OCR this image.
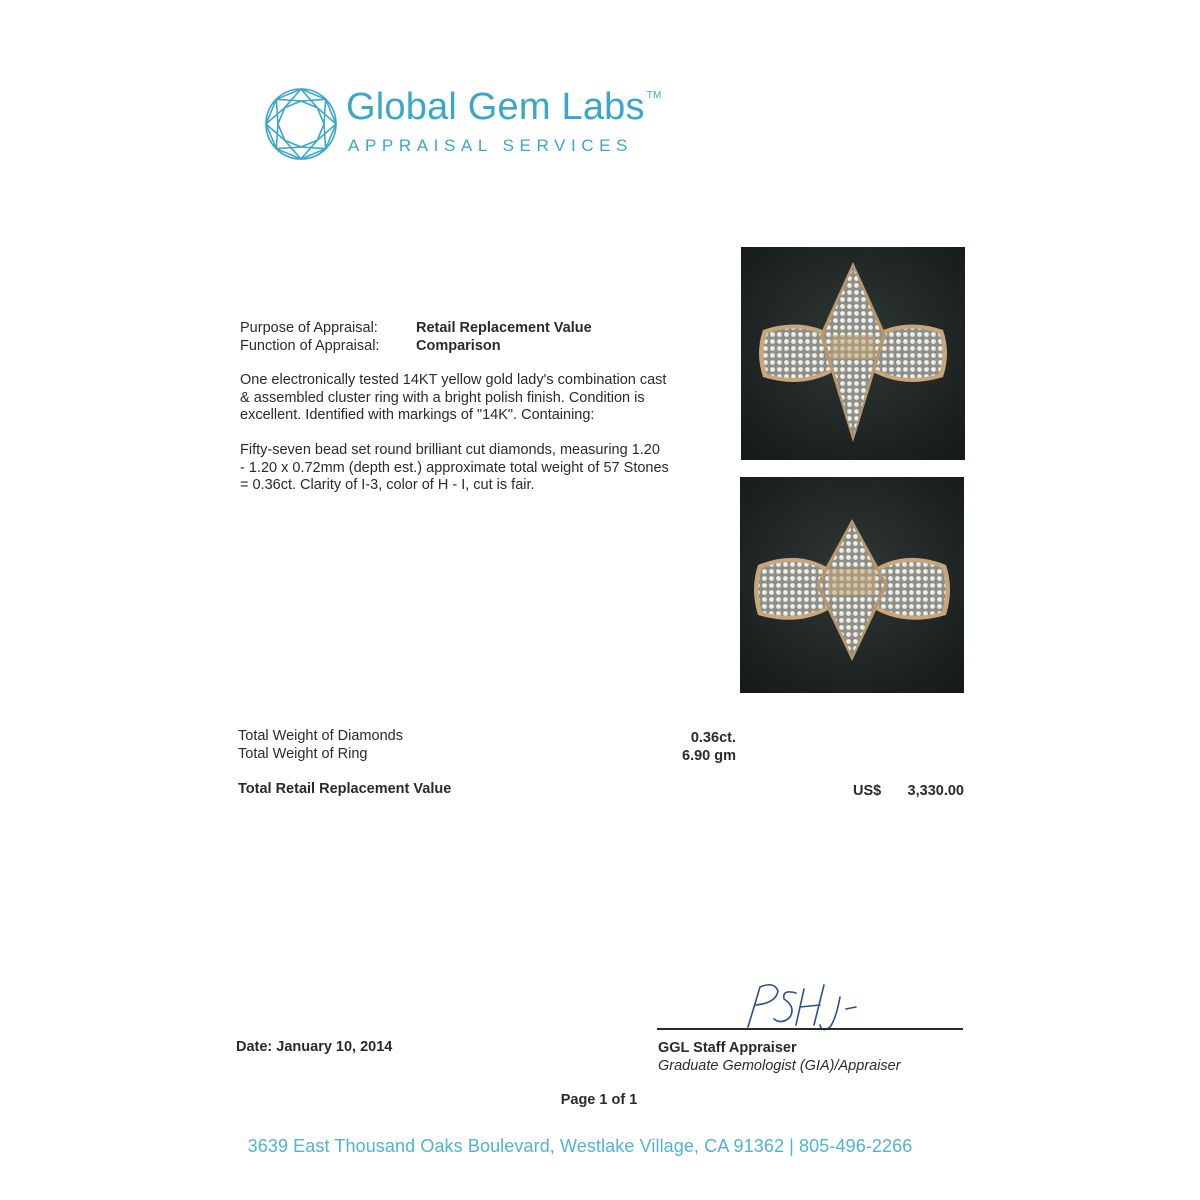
Global Gem Labs ™
APPRAISAL SERVICES
Purpose of Appraisal:	Retail Replacement Value
Function of Appraisal:	Comparison
One electronically tested 14KT yellow gold lady's combination cast
& assembled cluster ring with a bright polish finish. Condition is
excellent. Identified with markings of "14K". Containing:
Fifty-seven bead set round brilliant cut diamonds, measuring 1.20
- 1.20 x 0.72mm (depth est.) approximate total weight of 57 Stones
= 0.36ct. Clarity of I-3, color of H - I, cut is fair.
Total Weight of Diamonds	0.36ct.
Total Weight of Ring	6.90 gm
Total Retail Replacement Value	US$	3,330.00
Date: January 10, 2014	GGL Staff Appraiser
Graduate Gemologist (GIA)/Appraiser
Page 1 of 1
3639 East Thousand Oaks Boulevard, Westlake Village, CA 91362 | 805-496-2266
